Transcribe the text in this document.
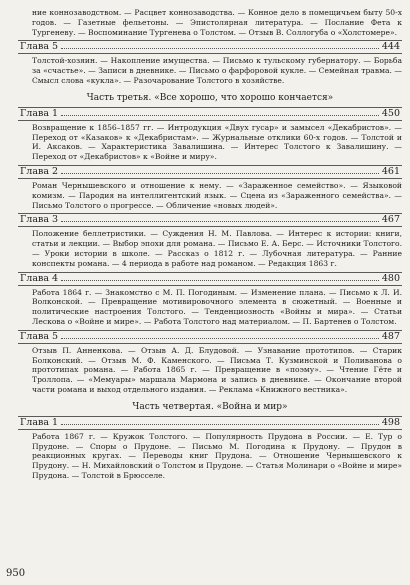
ние коннозаводством. — Расцвет коннозаводства. — Конное дело в помещичьем быту 50-х годов. — Газетные фельетоны. — Эпистолярная литература. — Послание Фета к Тургеневу. — Воспоминание Тургенева о Толстом. — Отзыв В. Соллогуба о «Холстомере».

Глава 5	444

Толстой-хозяин. — Накопление имущества. — Письмо к тульскому губернатору. — Борьба за «счастье». — Записи в дневнике. — Письмо о фарфоровой кукле. — Семейная травма. — Смысл слова «кукла». — Разочарование Толстого в хозяйстве.

Часть третья. «Все хорошо, что хорошо кончается»
Глава 1	450

Возвращение к 1856–1857 гг. — Интродукция «Двух гусар» и замысел «Декабристов». — Переход от «Казаков» к «Декабристам». — Журнальные отклики 60-х годов. — Толстой и И. Аксаков. — Характеристика Завалишина. — Интерес Толстого к Завалишину. — Переход от «Декабристов» к «Войне и миру».

Глава 2	461

Роман Чернышевского и отношение к нему. — «Зараженное семейство». — Языковой комизм. — Пародия на интеллигентский язык. — Сцена из «Зараженного семейства». — Письмо Толстого о прогрессе. — Обличение «новых людей».

Глава 3	467

Положение беллетристики. — Суждения Н. М. Павлова. — Интерес к истории: книги, статьи и лекции. — Выбор эпохи для романа. — Письмо Е. А. Берс. — Источники Толстого. — Уроки истории в школе. — Рассказ о 1812 г. — Лубочная литература. — Ранние конспекты романа. — 4 периода в работе над романом. — Редакция 1863 г.

Глава 4	480

Работа 1864 г. — Знакомство с М. П. Погодиным. — Изменение плана. — Письмо к Л. И. Волконской. — Превращение мотивировочного элемента в сюжетный. — Военные и политические настроения Толстого. — Тенденциозность «Войны и мира». — Статьи Лескова о «Войне и мире». — Работа Толстого над материалом. — П. Бартенев о Толстом.

Глава 5	487

Отзыв П. Анненкова. — Отзыв А. Д. Блудовой. — Узнавание прототипов. — Старик Болконский. — Отзыв М. Ф. Каменского. — Письма Т. Кузминской и Поливанова о прототипах романа. — Работа 1865 г. — Превращение в «поэму». — Чтение Гёте и Троллопа. — «Мемуары» маршала Мармона и запись в дневнике. — Окончание второй части романа и выход отдельного издания. — Реклама «Книжного вестника».

Часть четвертая. «Война и мир»
Глава 1	498

Работа 1867 г. — Кружок Толстого. — Популярность Прудона в России. — Е. Тур о Прудоне. — Споры о Прудоне. — Письмо М. Погодина к Прудону. — Прудон в реакционных кругах. — Переводы книг Прудона. — Отношение Чернышевского к Прудону. — Н. Михайловский о Толстом и Прудоне. — Статья Молинари о «Войне и мире» Прудона. — Толстой в Брюсселе.

950
